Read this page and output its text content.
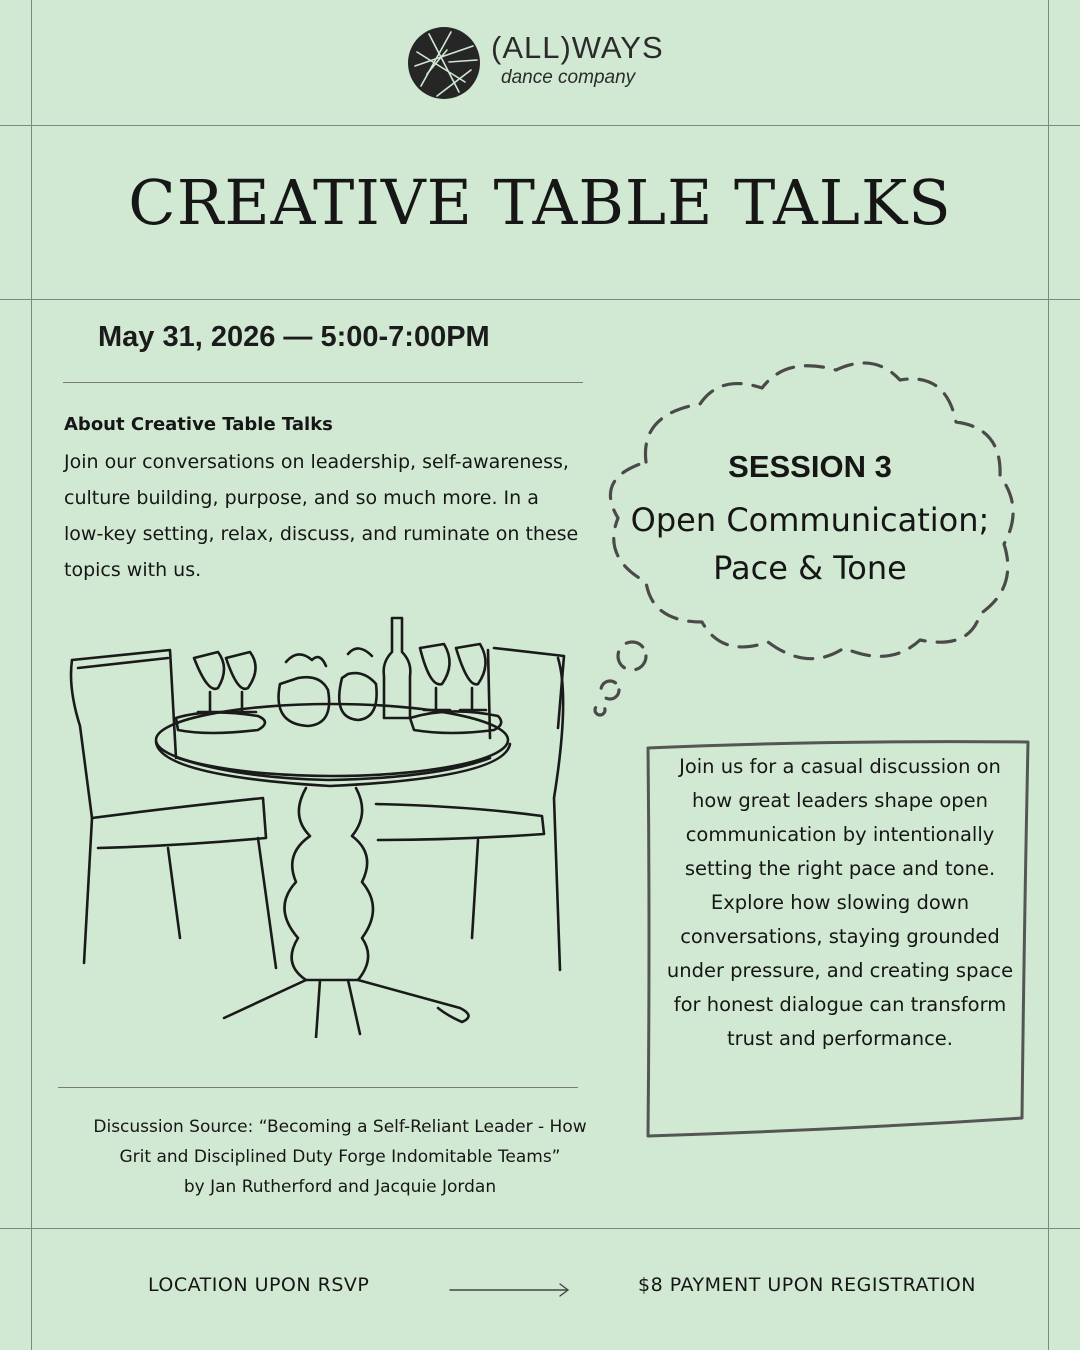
(ALL)WAYS
dance company
CREATIVE TABLE TALKS
May 31, 2026 — 5:00-7:00PM
About Creative Table Talks

Join our conversations on leadership, self-awareness, culture building, purpose, and so much more. In a low-key setting, relax, discuss, and ruminate on these topics with us.

SESSION 3
Open Communication;
Pace & Tone

Join us for a casual discussion on how great leaders shape open communication by intentionally setting the right pace and tone. Explore how slowing down conversations, staying grounded under pressure, and creating space for honest dialogue can transform trust and performance.

Discussion Source: “Becoming a Self-Reliant Leader - How
Grit and Disciplined Duty Forge Indomitable Teams”
by Jan Rutherford and Jacquie Jordan
LOCATION UPON RSVP	$8 PAYMENT UPON REGISTRATION
